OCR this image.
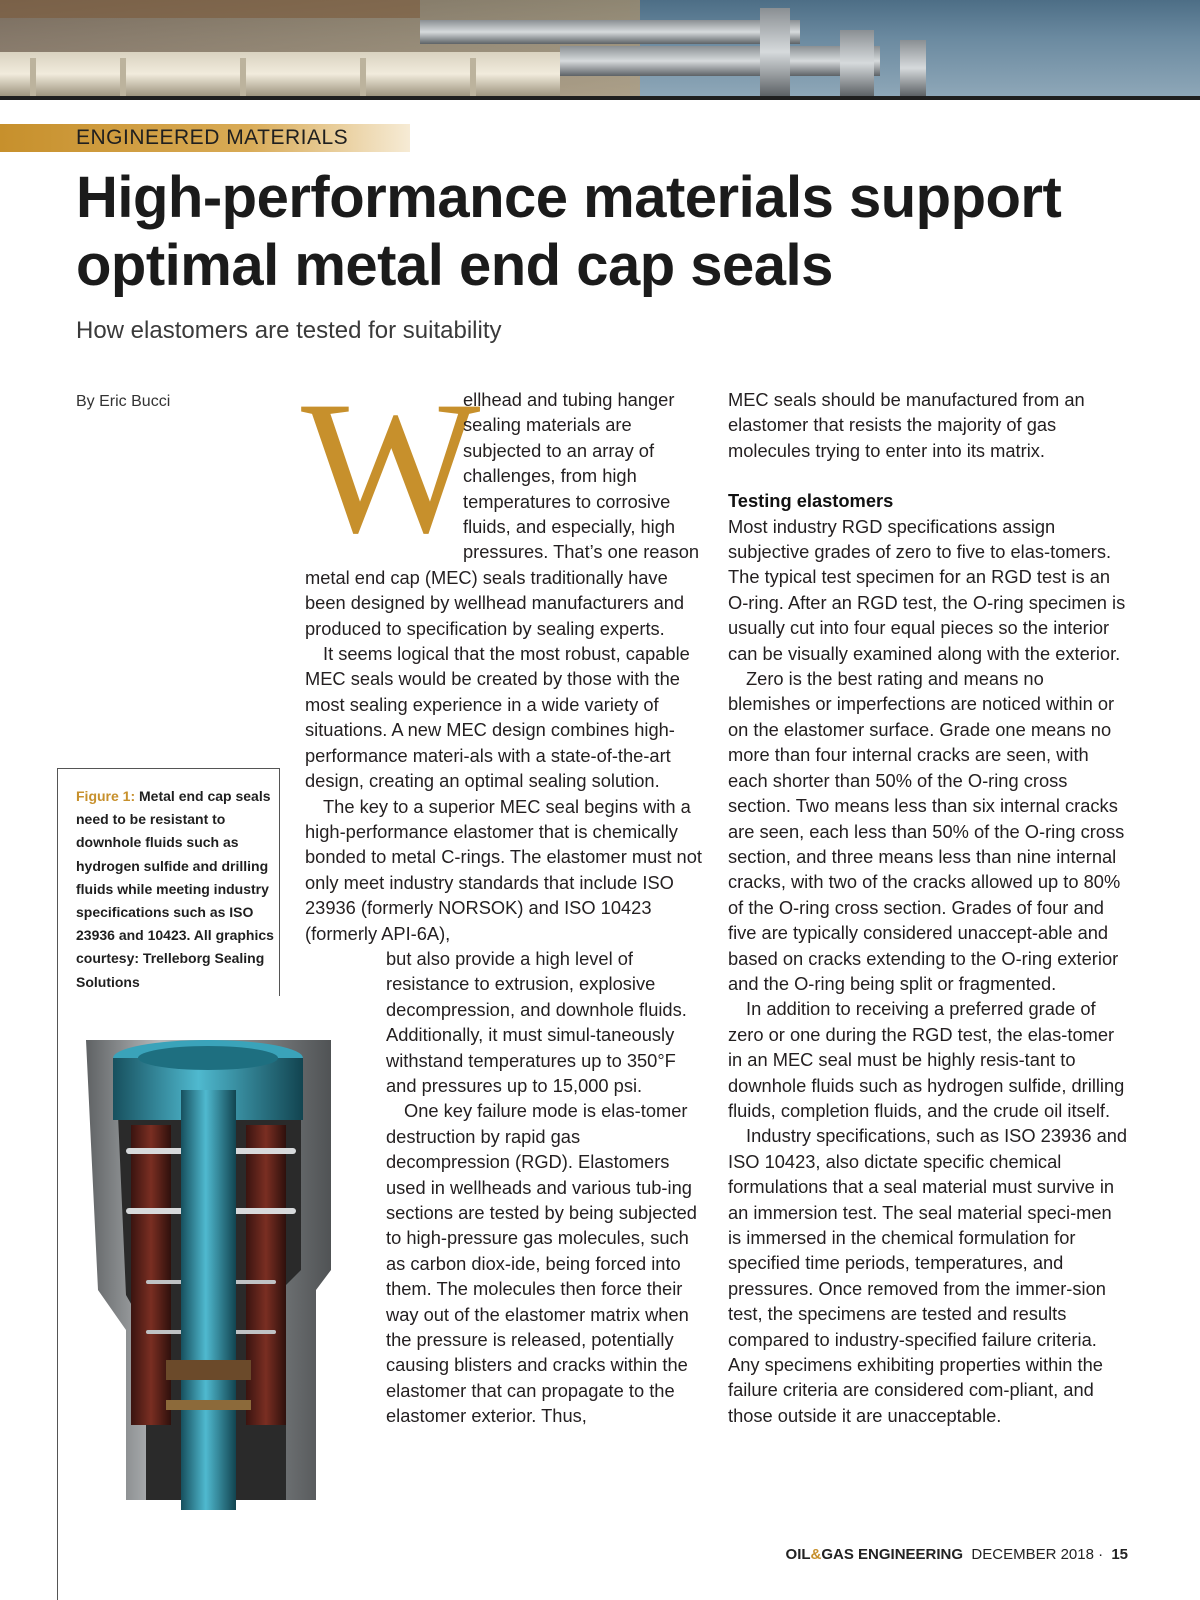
ENGINEERED MATERIALS
High-performance materials support
optimal metal end cap seals

How elastomers are tested for suitability

By Eric Bucci
Figure 1: Metal end cap seals need to be resistant to downhole fluids such as hydrogen sulfide and drilling fluids while meeting industry specifications such as ISO 23936 and 10423. All graphics courtesy: Trelleborg Sealing Solutions

W
ellhead and tubing hanger sealing materials are subjected to an array of challenges, from high temperatures to corrosive fluids, and especially, high pressures. That’s one reason metal end cap (MEC) seals traditionally have been designed by wellhead manufacturers and produced to specification by sealing experts.

It seems logical that the most robust, capable MEC seals would be created by those with the most sealing experience in a wide variety of situations. A new MEC design combines high-performance materi-als with a state-of-the-art design, creating an optimal sealing solution.

The key to a superior MEC seal begins with a high-performance elastomer that is chemically bonded to metal C-rings. The elastomer must not only meet industry standards that include ISO 23936 (formerly NORSOK) and ISO 10423 (formerly API-6A),

but also provide a high level of resistance to extrusion, explosive decompression, and downhole fluids. Additionally, it must simul-taneously withstand temperatures up to 350°F and pressures up to 15,000 psi.

One key failure mode is elas-tomer destruction by rapid gas decompression (RGD). Elastomers used in wellheads and various tub-ing sections are tested by being subjected to high-pressure gas molecules, such as carbon diox-ide, being forced into them. The molecules then force their way out of the elastomer matrix when the pressure is released, potentially causing blisters and cracks within the elastomer that can propagate to the elastomer exterior. Thus,

MEC seals should be manufactured from an elastomer that resists the majority of gas molecules trying to enter into its matrix.

Testing elastomers

Most industry RGD specifications assign subjective grades of zero to five to elas-tomers. The typical test specimen for an RGD test is an O-ring. After an RGD test, the O-ring specimen is usually cut into four equal pieces so the interior can be visually examined along with the exterior.

Zero is the best rating and means no blemishes or imperfections are noticed within or on the elastomer surface. Grade one means no more than four internal cracks are seen, with each shorter than 50% of the O-ring cross section. Two means less than six internal cracks are seen, each less than 50% of the O-ring cross section, and three means less than nine internal cracks, with two of the cracks allowed up to 80% of the O-ring cross section. Grades of four and five are typically considered unaccept-able and based on cracks extending to the O-ring exterior and the O-ring being split or fragmented.

In addition to receiving a preferred grade of zero or one during the RGD test, the elas-tomer in an MEC seal must be highly resis-tant to downhole fluids such as hydrogen sulfide, drilling fluids, completion fluids, and the crude oil itself.

Industry specifications, such as ISO 23936 and ISO 10423, also dictate specific chemical formulations that a seal material must survive in an immersion test. The seal material speci-men is immersed in the chemical formulation for specified time periods, temperatures, and pressures. Once removed from the immer-sion test, the specimens are tested and results compared to industry-specified failure criteria. Any specimens exhibiting properties within the failure criteria are considered com-pliant, and those outside it are unacceptable.

OIL&GAS ENGINEERING DECEMBER 2018 · 15
